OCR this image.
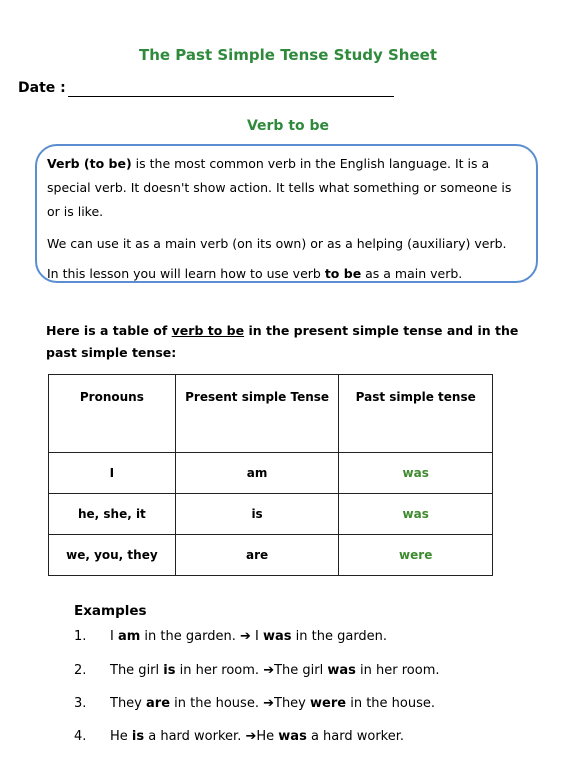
The Past Simple Tense Study Sheet
Date :
Verb to be

Verb (to be) is the most common verb in the English language. It is a special verb. It doesn't show action. It tells what something or someone is or is like.

We can use it as a main verb (on its own) or as a helping (auxiliary) verb.

In this lesson you will learn how to use verb to be as a main verb.

Here is a table of verb to be in the present simple tense and in the past simple tense:
Pronouns	Present simple Tense	Past simple tense
I	am	was
he, she, it	is	was
we, you, they	are	were
Examples
1. I am in the garden. ➔ I was in the garden.
2. The girl is in her room. ➔The girl was in her room.
3. They are in the house. ➔They were in the house.
4. He is a hard worker. ➔He was a hard worker.
